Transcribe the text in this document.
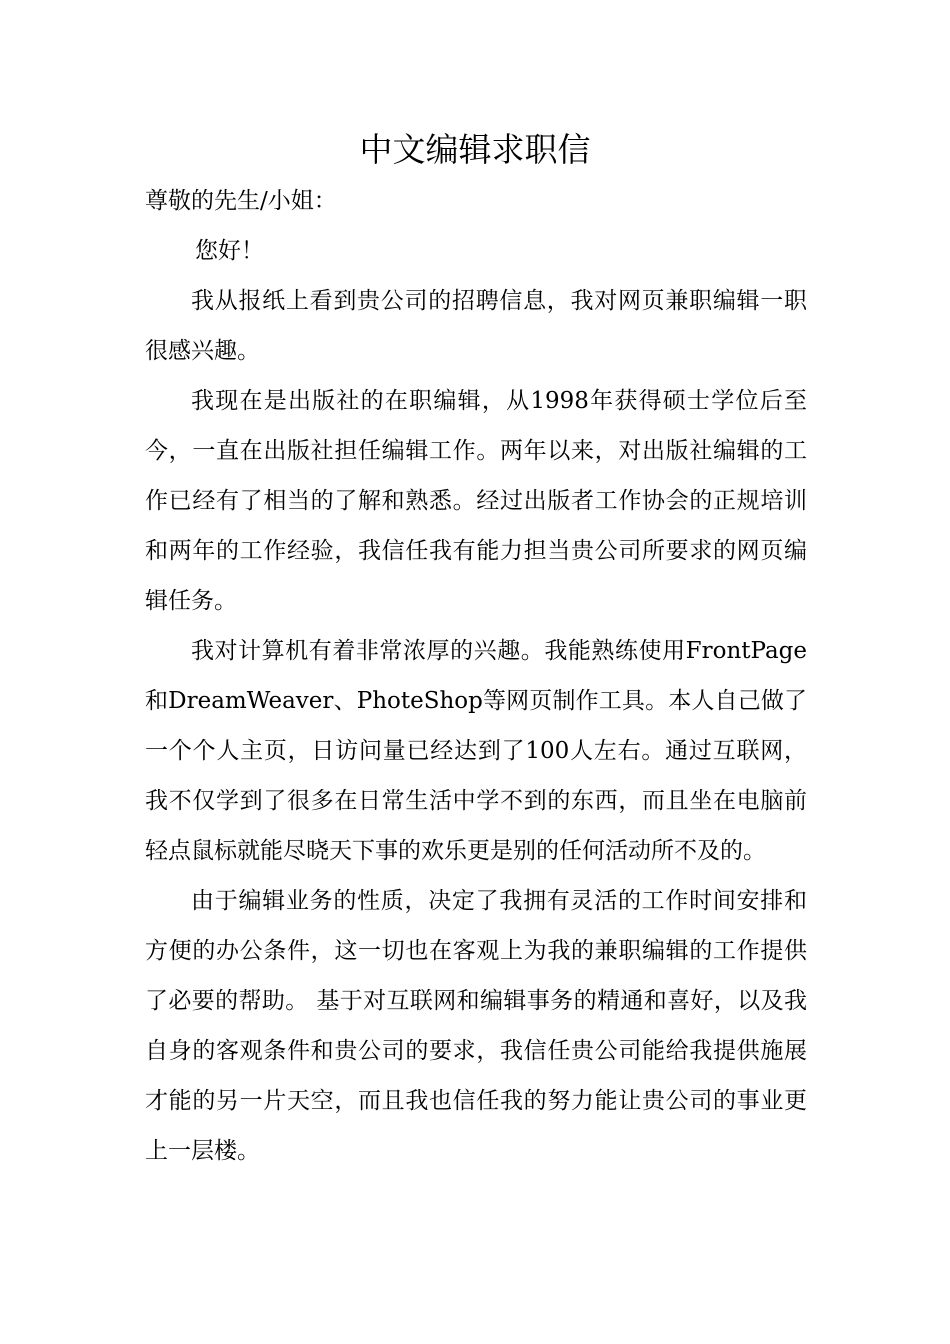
中文编辑求职信

尊敬的先生/小姐：

您好！

我从报纸上看到贵公司的招聘信息，我对网页兼职编辑一职很感兴趣。

我现在是出版社的在职编辑，从1998年获得硕士学位后至今，一直在出版社担任编辑工作。两年以来，对出版社编辑的工作已经有了相当的了解和熟悉。经过出版者工作协会的正规培训和两年的工作经验，我信任我有能力担当贵公司所要求的网页编辑任务。

我对计算机有着非常浓厚的兴趣。我能熟练使用FrontPage和DreamWeaver、PhoteShop等网页制作工具。本人自己做了一个个人主页，日访问量已经达到了100人左右。通过互联网，我不仅学到了很多在日常生活中学不到的东西，而且坐在电脑前轻点鼠标就能尽晓天下事的欢乐更是别的任何活动所不及的。

由于编辑业务的性质，决定了我拥有灵活的工作时间安排和方便的办公条件，这一切也在客观上为我的兼职编辑的工作提供了必要的帮助。 基于对互联网和编辑事务的精通和喜好，以及我自身的客观条件和贵公司的要求，我信任贵公司能给我提供施展才能的另一片天空，而且我也信任我的努力能让贵公司的事业更上一层楼。
